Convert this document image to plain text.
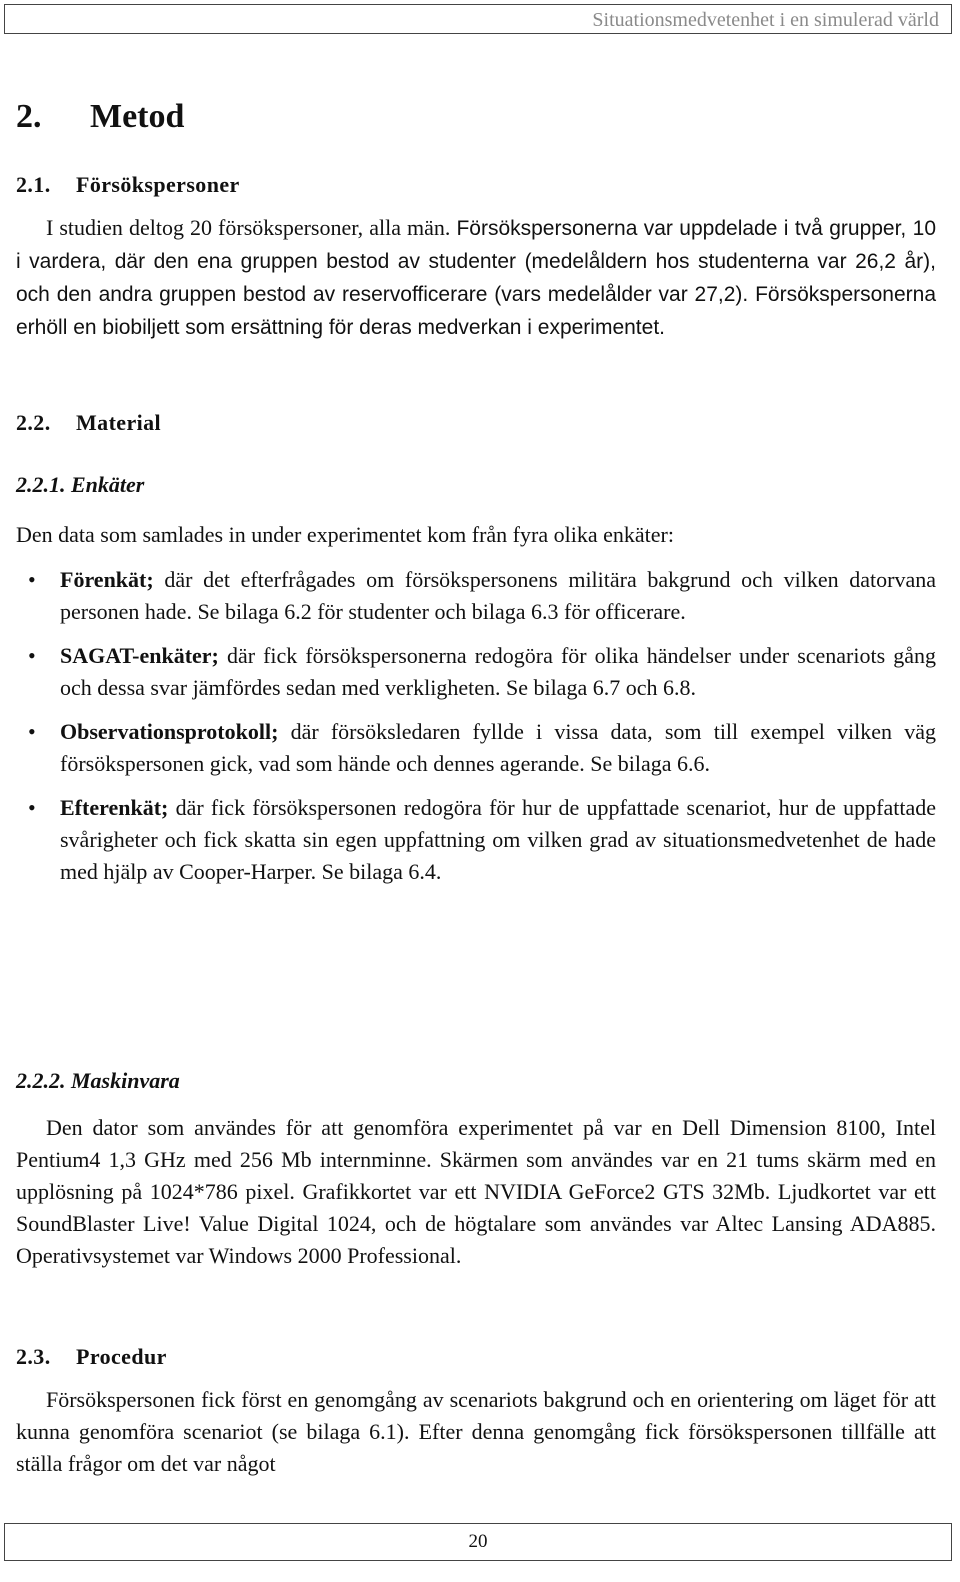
Situationsmedvetenhet i en simulerad värld
2. Metod
2.1. Försökspersoner
I studien deltog 20 försökspersoner, alla män. Försökspersonerna var uppdelade i två grupper, 10 i vardera, där den ena gruppen bestod av studenter (medelåldern hos studenterna var 26,2 år), och den andra gruppen bestod av reservofficerare (vars medelålder var 27,2). Försökspersonerna erhöll en biobiljett som ersättning för deras medverkan i experimentet.
2.2. Material
2.2.1. Enkäter
Den data som samlades in under experimentet kom från fyra olika enkäter:
• Förenkät; där det efterfrågades om försökspersonens militära bakgrund och vilken datorvana personen hade. Se bilaga 6.2 för studenter och bilaga 6.3 för officerare.
• SAGAT-enkäter; där fick försökspersonerna redogöra för olika händelser under scenariots gång och dessa svar jämfördes sedan med verkligheten. Se bilaga 6.7 och 6.8.
• Observationsprotokoll; där försöksledaren fyllde i vissa data, som till exempel vilken väg försökspersonen gick, vad som hände och dennes agerande. Se bilaga 6.6.
• Efterenkät; där fick försökspersonen redogöra för hur de uppfattade scenariot, hur de uppfattade svårigheter och fick skatta sin egen uppfattning om vilken grad av situationsmedvetenhet de hade med hjälp av Cooper-Harper. Se bilaga 6.4.
2.2.2. Maskinvara
Den dator som användes för att genomföra experimentet på var en Dell Dimension 8100, Intel Pentium4 1,3 GHz med 256 Mb internminne. Skärmen som användes var en 21 tums skärm med en upplösning på 1024*786 pixel. Grafikkortet var ett NVIDIA GeForce2 GTS 32Mb. Ljudkortet var ett SoundBlaster Live! Value Digital 1024, och de högtalare som användes var Altec Lansing ADA885. Operativsystemet var Windows 2000 Professional.
2.3. Procedur
Försökspersonen fick först en genomgång av scenariots bakgrund och en orientering om läget för att kunna genomföra scenariot (se bilaga 6.1). Efter denna genomgång fick försökspersonen tillfälle att ställa frågor om det var något
20
